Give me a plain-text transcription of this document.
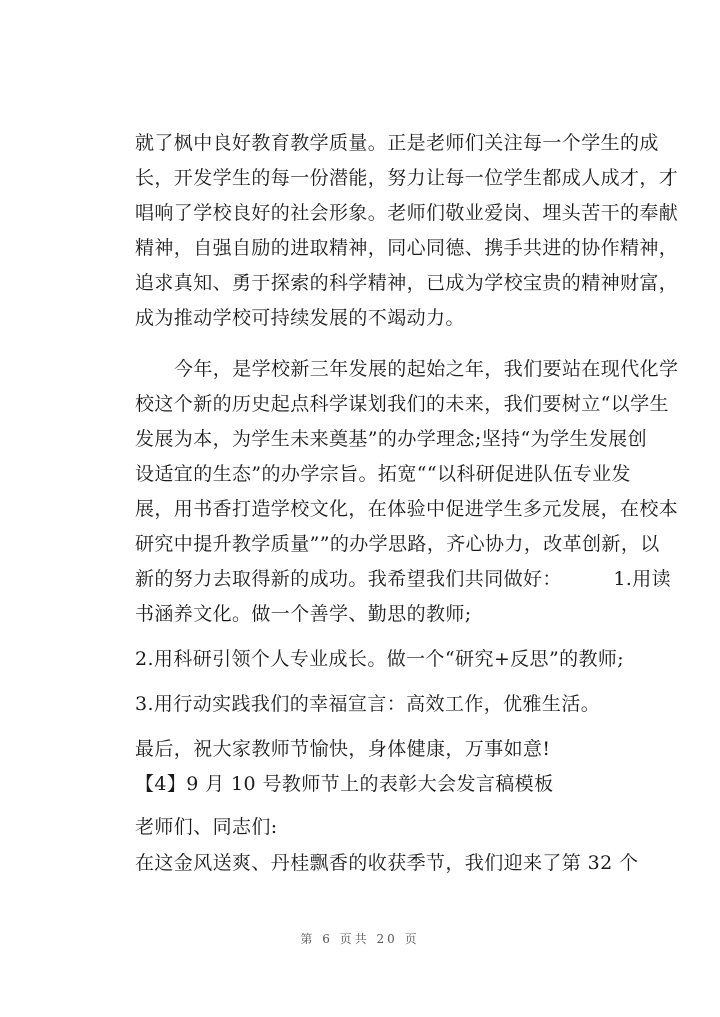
就了枫中良好教育教学质量。正是老师们关注每一个学生的成
长，开发学生的每一份潜能，努力让每一位学生都成人成才，才
唱响了学校良好的社会形象。老师们敬业爱岗、埋头苦干的奉献
精神，自强自励的进取精神，同心同德、携手共进的协作精神，
追求真知、勇于探索的科学精神，已成为学校宝贵的精神财富，
成为推动学校可持续发展的不竭动力。
今年，是学校新三年发展的起始之年，我们要站在现代化学
校这个新的历史起点科学谋划我们的未来，我们要树立“以学生
发展为本，为学生未来奠基”的办学理念;坚持“为学生发展创
设适宜的生态”的办学宗旨。拓宽““以科研促进队伍专业发
展，用书香打造学校文化，在体验中促进学生多元发展，在校本
研究中提升教学质量””的办学思路，齐心协力，改革创新，以
新的努力去取得新的成功。我希望我们共同做好：        1.用读
书涵养文化。做一个善学、勤思的教师;
2.用科研引领个人专业成长。做一个“研究+反思”的教师;
3.用行动实践我们的幸福宣言：高效工作，优雅生活。
最后，祝大家教师节愉快，身体健康，万事如意!
第 6 页共 20 页
【4】9 月 10 号教师节上的表彰大会发言稿模板
老师们、同志们:
在这金风送爽、丹桂飘香的收获季节，我们迎来了第 32 个
